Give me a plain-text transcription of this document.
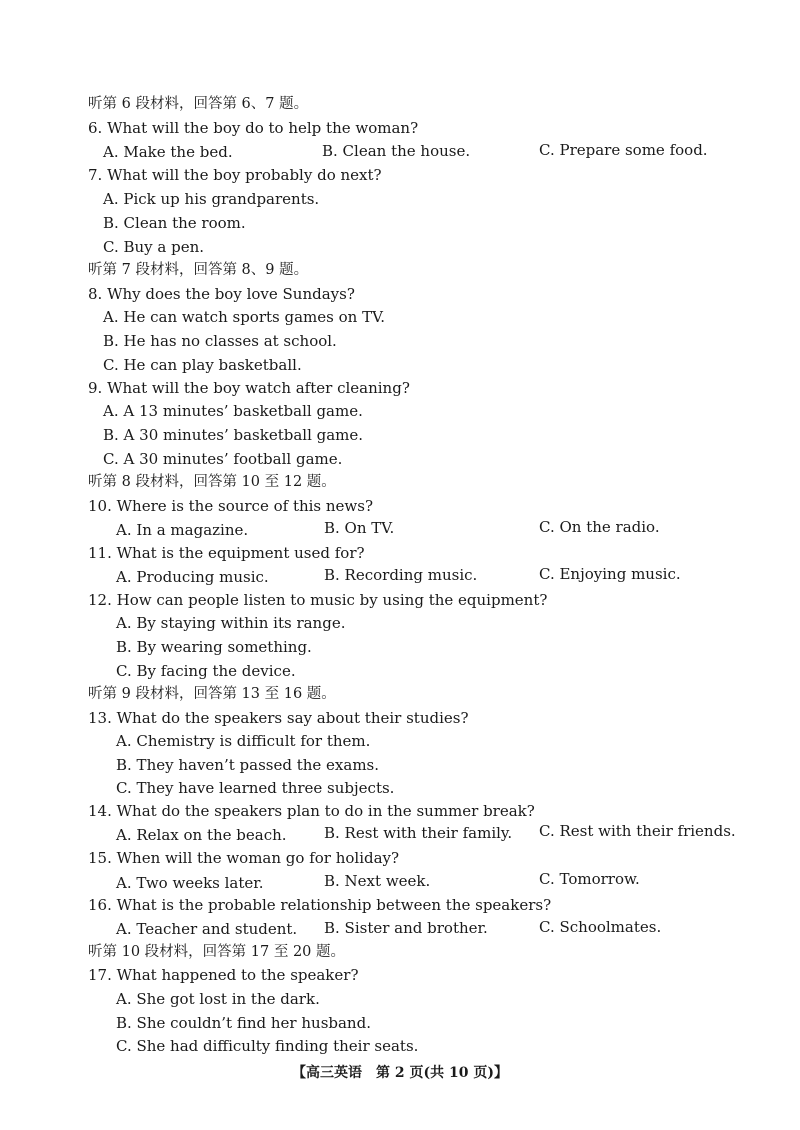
听第 6 段材料，回答第 6、7 题。
6. What will the boy do to help the woman?
A. Make the bed.	B. Clean the house.	C. Prepare some food.
7. What will the boy probably do next?
A. Pick up his grandparents.
B. Clean the room.
C. Buy a pen.
听第 7 段材料，回答第 8、9 题。
8. Why does the boy love Sundays?
A. He can watch sports games on TV.
B. He has no classes at school.
C. He can play basketball.
9. What will the boy watch after cleaning?
A. A 13 minutes’ basketball game.
B. A 30 minutes’ basketball game.
C. A 30 minutes’ football game.
听第 8 段材料，回答第 10 至 12 题。
10. Where is the source of this news?
A. In a magazine.	B. On TV.	C. On the radio.
11. What is the equipment used for?
A. Producing music.	B. Recording music.	C. Enjoying music.
12. How can people listen to music by using the equipment?
A. By staying within its range.
B. By wearing something.
C. By facing the device.
听第 9 段材料，回答第 13 至 16 题。
13. What do the speakers say about their studies?
A. Chemistry is difficult for them.
B. They haven’t passed the exams.
C. They have learned three subjects.
14. What do the speakers plan to do in the summer break?
A. Relax on the beach. B. Rest with their family. C. Rest with their friends.
15. When will the woman go for holiday?
A. Two weeks later.	B. Next week.	C. Tomorrow.
16. What is the probable relationship between the speakers?
A. Teacher and student. B. Sister and brother.	C. Schoolmates.
听第 10 段材料，回答第 17 至 20 题。
17. What happened to the speaker?
A. She got lost in the dark.
B. She couldn’t find her husband.
C. She had difficulty finding their seats.
【高三英语　第 2 页(共 10 页)】
